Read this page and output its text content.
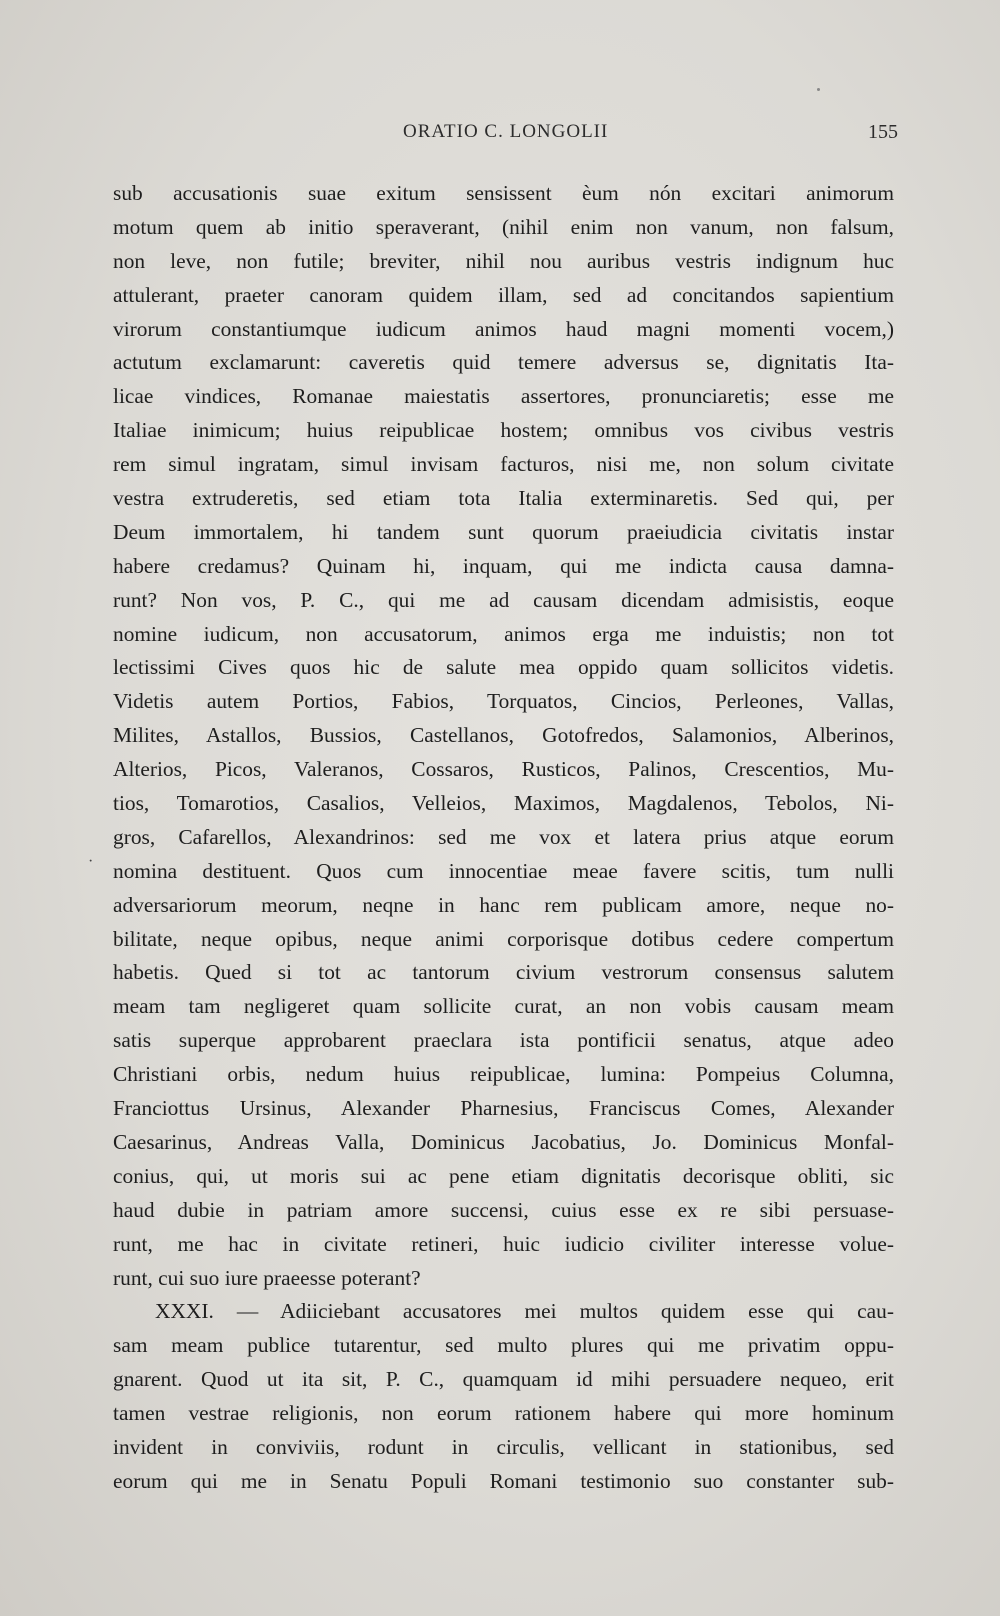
ORATIO C. LONGOLII	155
·
sub accusationis suae exitum sensissent èum nón excitari animorum
motum quem ab initio speraverant, (nihil enim non vanum, non falsum,
non leve, non futile; breviter, nihil nou auribus vestris indignum huc
attulerant, praeter canoram quidem illam, sed ad concitandos sapientium
virorum constantiumque iudicum animos haud magni momenti vocem,)
actutum exclamarunt: caveretis quid temere adversus se, dignitatis Ita-
licae vindices, Romanae maiestatis assertores, pronunciaretis; esse me
Italiae inimicum; huius reipublicae hostem; omnibus vos civibus vestris
rem simul ingratam, simul invisam facturos, nisi me, non solum civitate
vestra extruderetis, sed etiam tota Italia exterminaretis. Sed qui, per
Deum immortalem, hi tandem sunt quorum praeiudicia civitatis instar
habere credamus? Quinam hi, inquam, qui me indicta causa damna-
runt? Non vos, P. C., qui me ad causam dicendam admisistis, eoque
nomine iudicum, non accusatorum, animos erga me induistis; non tot
lectissimi Cives quos hic de salute mea oppido quam sollicitos videtis.
Videtis autem Portios, Fabios, Torquatos, Cincios, Perleones, Vallas,
Milites, Astallos, Bussios, Castellanos, Gotofredos, Salamonios, Alberinos,
Alterios, Picos, Valeranos, Cossaros, Rusticos, Palinos, Crescentios, Mu-
tios, Tomarotios, Casalios, Velleios, Maximos, Magdalenos, Tebolos, Ni-
gros, Cafarellos, Alexandrinos: sed me vox et latera prius atque eorum
nomina destituent. Quos cum innocentiae meae favere scitis, tum nulli
adversariorum meorum, neqne in hanc rem publicam amore, neque no-
bilitate, neque opibus, neque animi corporisque dotibus cedere compertum
habetis. Qued si tot ac tantorum civium vestrorum consensus salutem
meam tam negligeret quam sollicite curat, an non vobis causam meam
satis superque approbarent praeclara ista pontificii senatus, atque adeo
Christiani orbis, nedum huius reipublicae, lumina: Pompeius Columna,
Franciottus Ursinus, Alexander Pharnesius, Franciscus Comes, Alexander
Caesarinus, Andreas Valla, Dominicus Jacobatius, Jo. Dominicus Monfal-
conius, qui, ut moris sui ac pene etiam dignitatis decorisque obliti, sic
haud dubie in patriam amore succensi, cuius esse ex re sibi persuase-
runt, me hac in civitate retineri, huic iudicio civiliter interesse volue-
runt, cui suo iure praeesse poterant?
XXXI. — Adiiciebant accusatores mei multos quidem esse qui cau-
sam meam publice tutarentur, sed multo plures qui me privatim oppu-
gnarent. Quod ut ita sit, P. C., quamquam id mihi persuadere nequeo, erit
tamen vestrae religionis, non eorum rationem habere qui more hominum
invident in conviviis, rodunt in circulis, vellicant in stationibus, sed
eorum qui me in Senatu Populi Romani testimonio suo constanter sub-
